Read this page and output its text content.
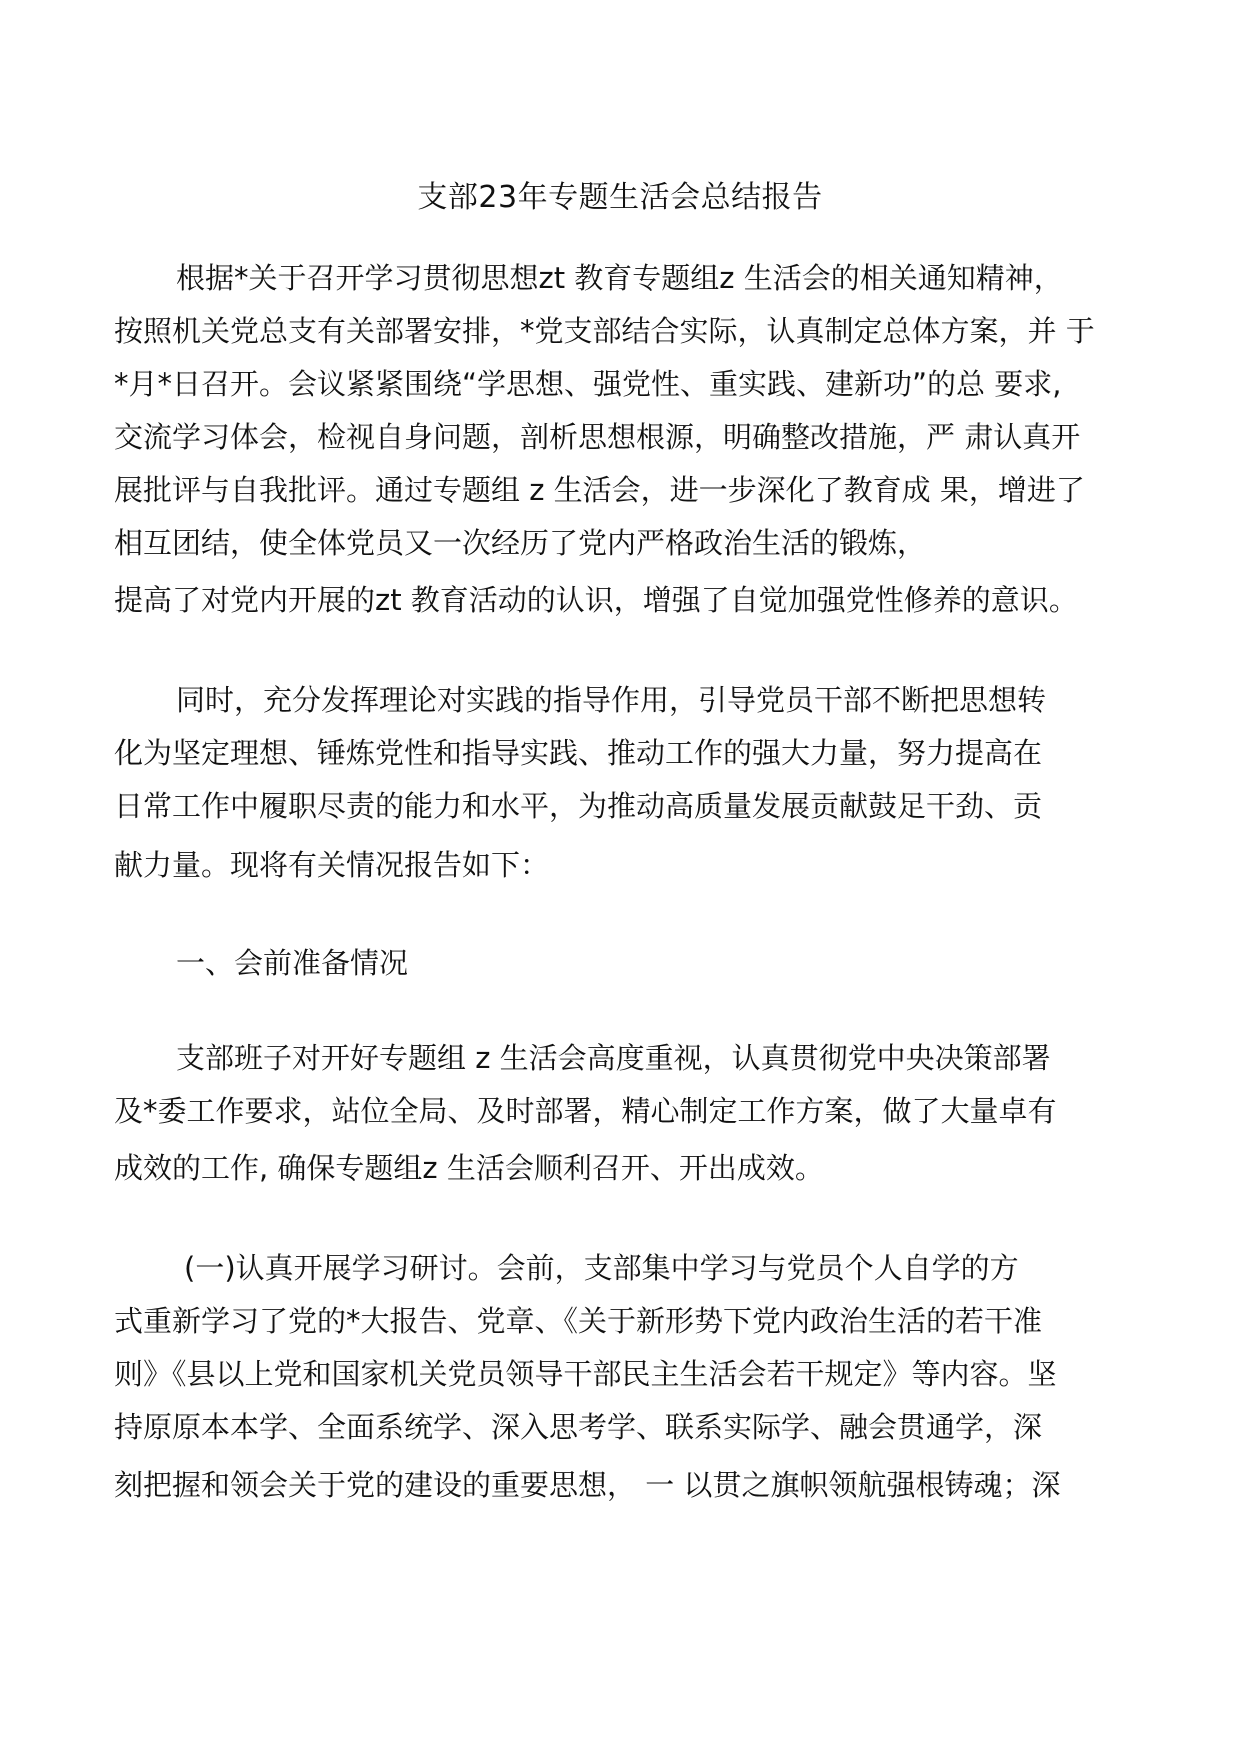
支部23年专题生活会总结报告
根据*关于召开学习贯彻思想zt 教育专题组z 生活会的相关通知精神，
按照机关党总支有关部署安排，*党支部结合实际，认真制定总体方案，并 于
*月*日召开。会议紧紧围绕“学思想、强党性、重实践、建新功”的总 要求,
交流学习体会，检视自身问题，剖析思想根源，明确整改措施，严 肃认真开
展批评与自我批评。通过专题组 z 生活会，进一步深化了教育成 果，增进了
相互团结，使全体党员又一次经历了党内严格政治生活的锻炼，
提高了对党内开展的zt 教育活动的认识，增强了自觉加强党性修养的意识。
同时，充分发挥理论对实践的指导作用，引导党员干部不断把思想转
化为坚定理想、锤炼党性和指导实践、推动工作的强大力量，努力提高在
日常工作中履职尽责的能力和水平，为推动高质量发展贡献鼓足干劲、贡
献力量。现将有关情况报告如下：
一、会前准备情况
支部班子对开好专题组 z 生活会高度重视，认真贯彻党中央决策部署
及*委工作要求，站位全局、及时部署，精心制定工作方案，做了大量卓有
成效的工作, 确保专题组z 生活会顺利召开、开出成效。
(一)认真开展学习研讨。会前，支部集中学习与党员个人自学的方
式重新学习了党的*大报告、党章、《关于新形势下党内政治生活的若干准
则》《县以上党和国家机关党员领导干部民主生活会若干规定》等内容。坚
持原原本本学、全面系统学、深入思考学、联系实际学、融会贯通学，深
刻把握和领会关于党的建设的重要思想， 一 以贯之旗帜领航强根铸魂；深
